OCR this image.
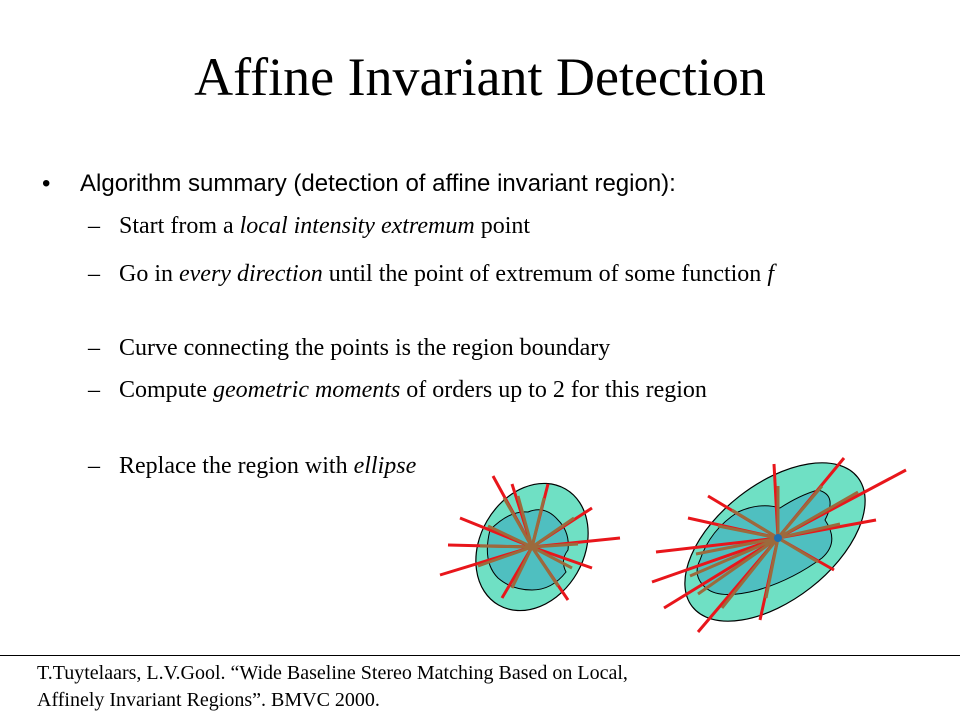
Affine Invariant Detection
• Algorithm summary (detection of affine invariant region):
– Start from a local intensity extremum point
– Go in every direction until the point of extremum of some function f
– Curve connecting the points is the region boundary
– Compute geometric moments of orders up to 2 for this region
– Replace the region with ellipse
T.Tuytelaars, L.V.Gool. “Wide Baseline Stereo Matching Based on Local,
Affinely Invariant Regions”. BMVC 2000.
